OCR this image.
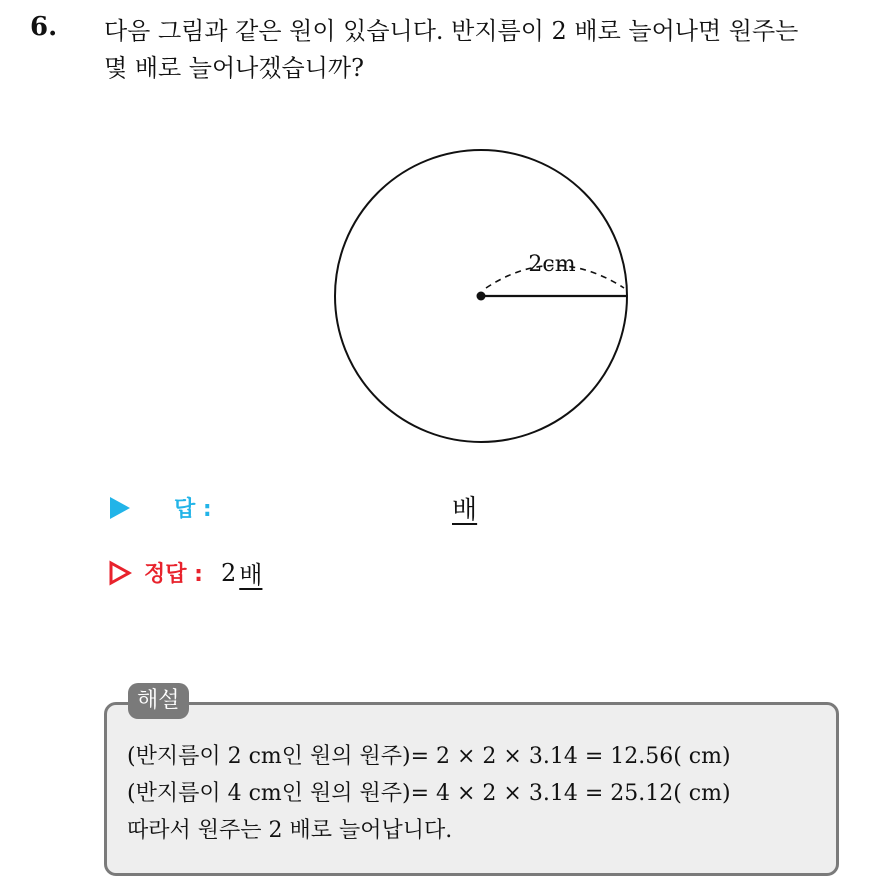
6. 다음 그림과 같은 원이 있습니다. 반지름이 2 배로 늘어나면 원주는
몇 배로 늘어나겠습니까?
2cm
답 :	배
정답 : 2 배
해설
(반지름이 2 cm인 원의 원주)= 2 × 2 × 3.14 = 12.56( cm)
(반지름이 4 cm인 원의 원주)= 4 × 2 × 3.14 = 25.12( cm)
따라서 원주는 2 배로 늘어납니다.
